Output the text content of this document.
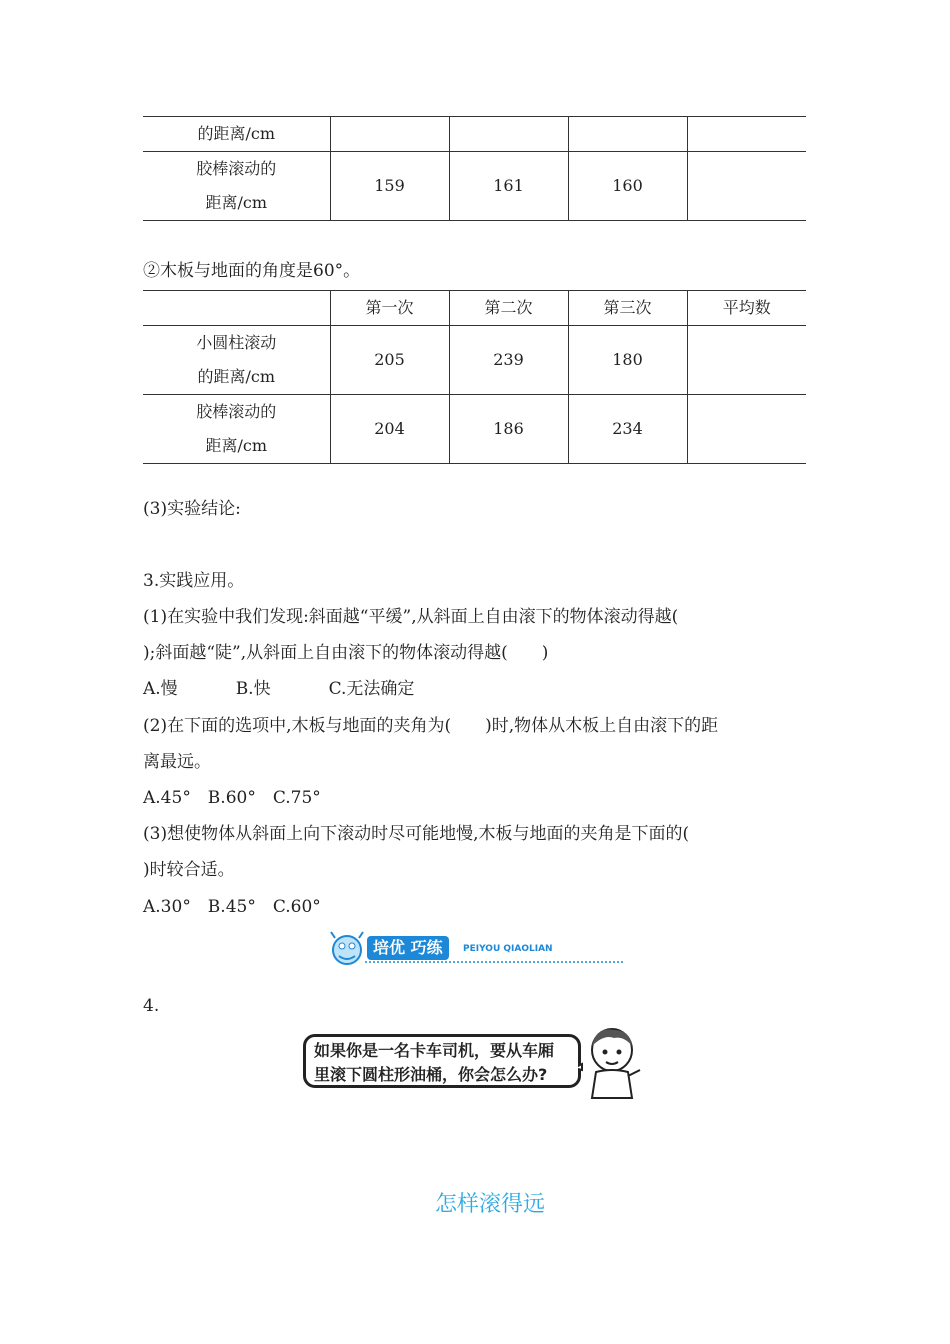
的距离/cm				

胶棒滚动的
距离/cm	159	161	160	
②木板与地面的角度是60°。
	第一次	第二次	第三次	平均数

小圆柱滚动
的距离/cm	205	239	180	

胶棒滚动的
距离/cm	204	186	234	
(3)实验结论:
3.实践应用。
(1)在实验中我们发现:斜面越“平缓”,从斜面上自由滚下的物体滚动得越(
);斜面越“陡”,从斜面上自由滚下的物体滚动得越(　　)
A.慢	B.快	C.无法确定
(2)在下面的选项中,木板与地面的夹角为(　　)时,物体从木板上自由滚下的距
离最远。
A.45°　B.60°　C.75°
(3)想使物体从斜面上向下滚动时尽可能地慢,木板与地面的夹角是下面的(
)时较合适。
A.30°　B.45°　C.60°
培优 巧练	PEIYOU QIAOLIAN
4.
如果你是一名卡车司机，要从车厢
里滚下圆柱形油桶，你会怎么办?
怎样滚得远
